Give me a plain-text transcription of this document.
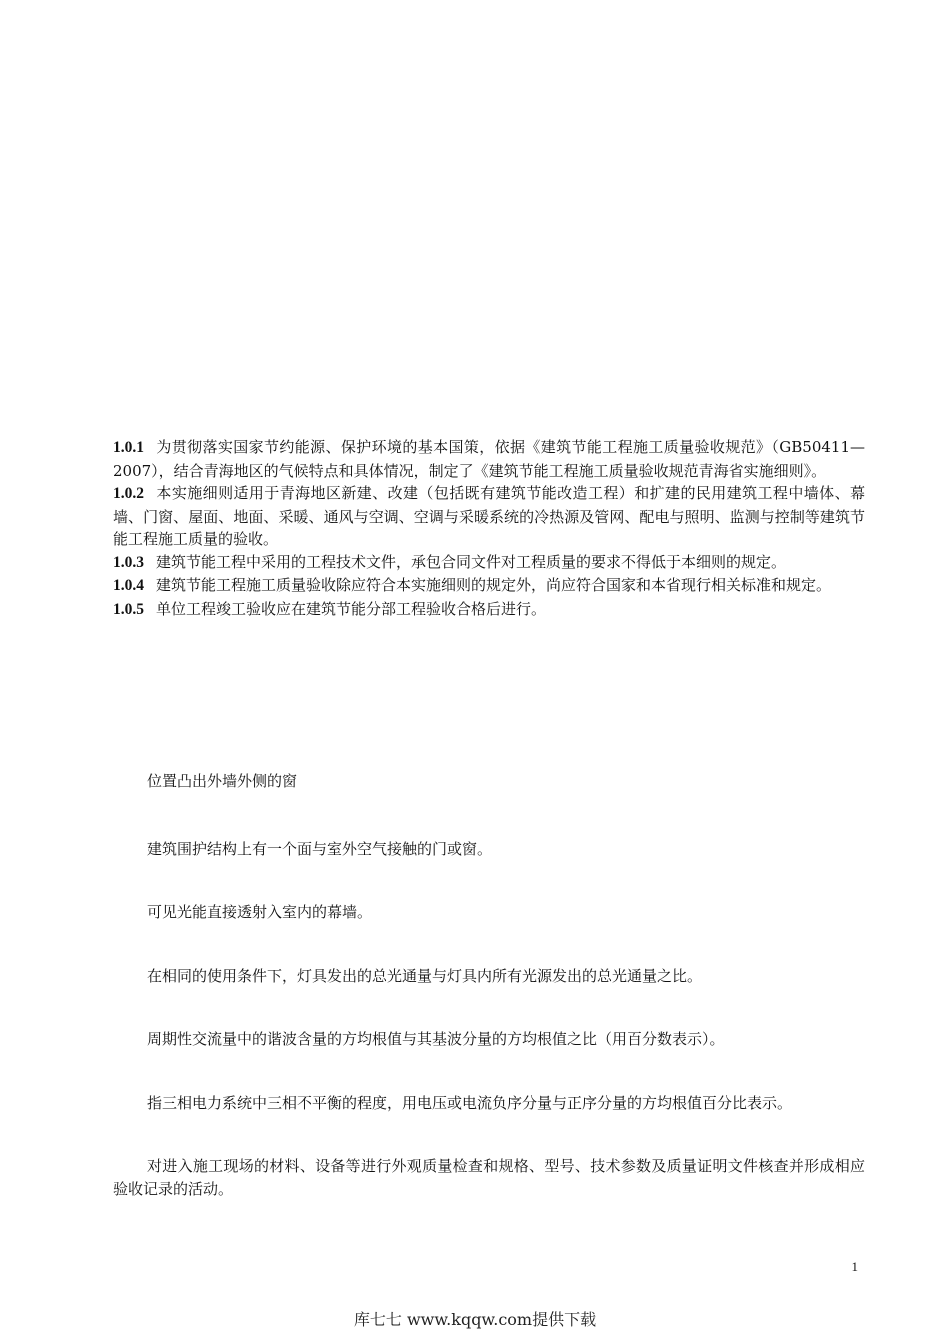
1.0.1 为贯彻落实国家节约能源、保护环境的基本国策，依据《建筑节能工程施工质量验收规范》（GB50411—2007），结合青海地区的气候特点和具体情况，制定了《建筑节能工程施工质量验收规范青海省实施细则》。

1.0.2 本实施细则适用于青海地区新建、改建（包括既有建筑节能改造工程）和扩建的民用建筑工程中墙体、幕墙、门窗、屋面、地面、采暖、通风与空调、空调与采暖系统的冷热源及管网、配电与照明、监测与控制等建筑节能工程施工质量的验收。

1.0.3 建筑节能工程中采用的工程技术文件，承包合同文件对工程质量的要求不得低于本细则的规定。

1.0.4 建筑节能工程施工质量验收除应符合本实施细则的规定外，尚应符合国家和本省现行相关标准和规定。

1.0.5 单位工程竣工验收应在建筑节能分部工程验收合格后进行。

位置凸出外墙外侧的窗

建筑围护结构上有一个面与室外空气接触的门或窗。

可见光能直接透射入室内的幕墙。

在相同的使用条件下，灯具发出的总光通量与灯具内所有光源发出的总光通量之比。

周期性交流量中的谐波含量的方均根值与其基波分量的方均根值之比（用百分数表示）。

指三相电力系统中三相不平衡的程度，用电压或电流负序分量与正序分量的方均根值百分比表示。

对进入施工现场的材料、设备等进行外观质量检查和规格、型号、技术参数及质量证明文件核查并形成相应验收记录的活动。

1
库七七 www.kqqw.com提供下载
